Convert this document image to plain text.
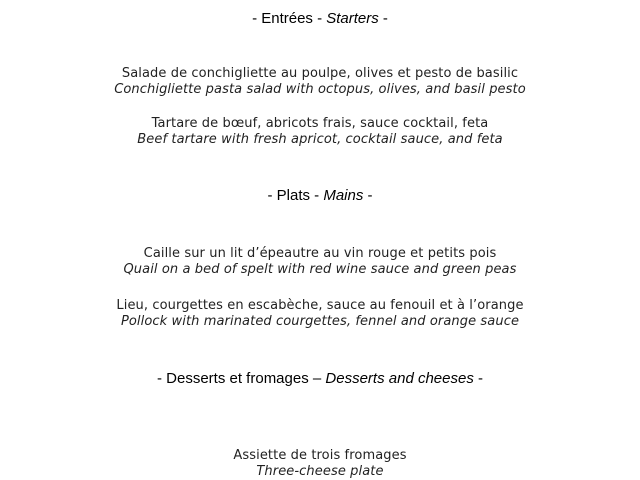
- Entrées - Starters -
Salade de conchigliette au poulpe, olives et pesto de basilic
Conchigliette pasta salad with octopus, olives, and basil pesto
Tartare de bœuf, abricots frais, sauce cocktail, feta
Beef tartare with fresh apricot, cocktail sauce, and feta
- Plats - Mains -
Caille sur un lit d’épeautre au vin rouge et petits pois
Quail on a bed of spelt with red wine sauce and green peas
Lieu, courgettes en escabèche, sauce au fenouil et à l’orange
Pollock with marinated courgettes, fennel and orange sauce
- Desserts et fromages – Desserts and cheeses -
Assiette de trois fromages
Three-cheese plate
